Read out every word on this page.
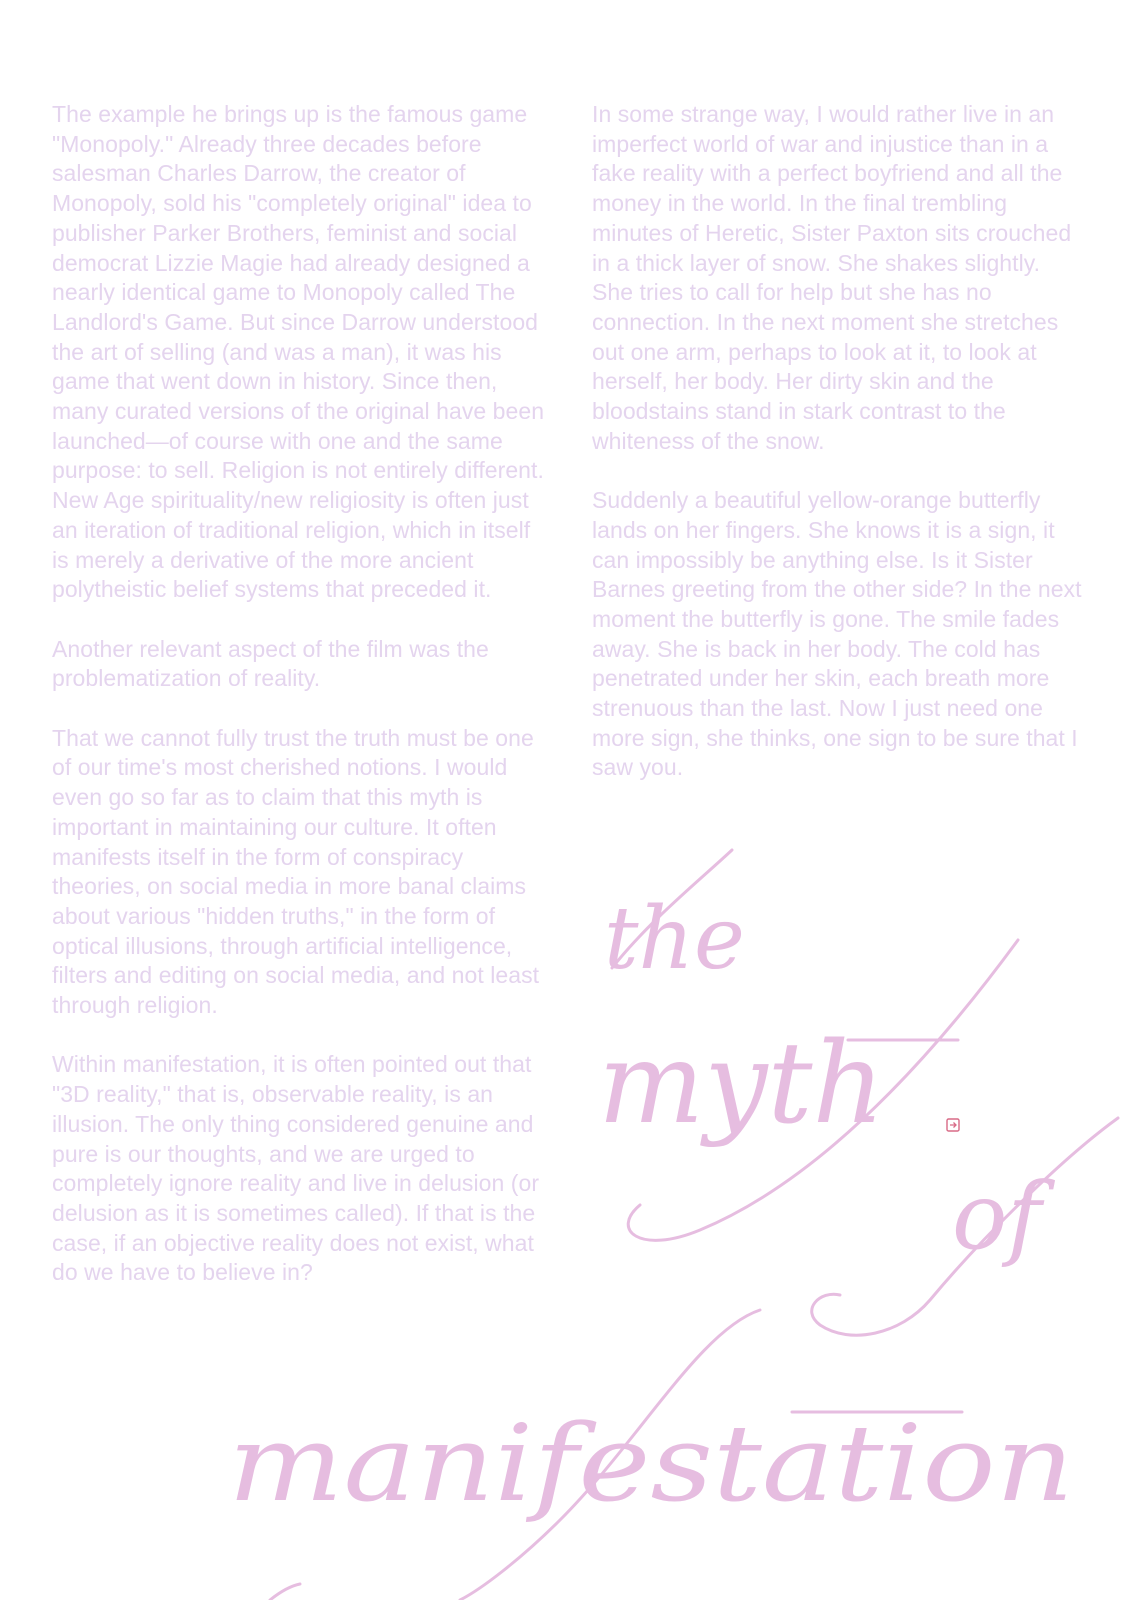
The example he brings up is the famous game "Monopoly." Already three decades before salesman Charles Darrow, the creator of Monopoly, sold his "completely original" idea to publisher Parker Brothers, feminist and social democrat Lizzie Magie had already designed a nearly identical game to Monopoly called The Landlord's Game. But since Darrow understood the art of selling (and was a man), it was his game that went down in history. Since then, many curated versions of the original have been launched—of course with one and the same purpose: to sell. Religion is not entirely different. New Age spirituality/new religiosity is often just an iteration of traditional religion, which in itself is merely a derivative of the more ancient polytheistic belief systems that preceded it.

Another relevant aspect of the film was the problematization of reality.

That we cannot fully trust the truth must be one of our time's most cherished notions. I would even go so far as to claim that this myth is important in maintaining our culture. It often manifests itself in the form of conspiracy theories, on social media in more banal claims about various "hidden truths," in the form of optical illusions, through artificial intelligence, filters and editing on social media, and not least through religion.

Within manifestation, it is often pointed out that "3D reality," that is, observable reality, is an illusion. The only thing considered genuine and pure is our thoughts, and we are urged to completely ignore reality and live in delusion (or delusion as it is sometimes called). If that is the case, if an objective reality does not exist, what do we have to believe in?

In some strange way, I would rather live in an imperfect world of war and injustice than in a fake reality with a perfect boyfriend and all the money in the world. In the final trembling minutes of Heretic, Sister Paxton sits crouched in a thick layer of snow. She shakes slightly. She tries to call for help but she has no connection. In the next moment she stretches out one arm, perhaps to look at it, to look at herself, her body. Her dirty skin and the bloodstains stand in stark contrast to the whiteness of the snow.

Suddenly a beautiful yellow-orange butterfly lands on her fingers. She knows it is a sign, it can impossibly be anything else. Is it Sister Barnes greeting from the other side? In the next moment the butterfly is gone. The smile fades away. She is back in her body. The cold has penetrated under her skin, each breath more strenuous than the last. Now I just need one more sign, she thinks, one sign to be sure that I saw you.

the
myth
of
manifestation
